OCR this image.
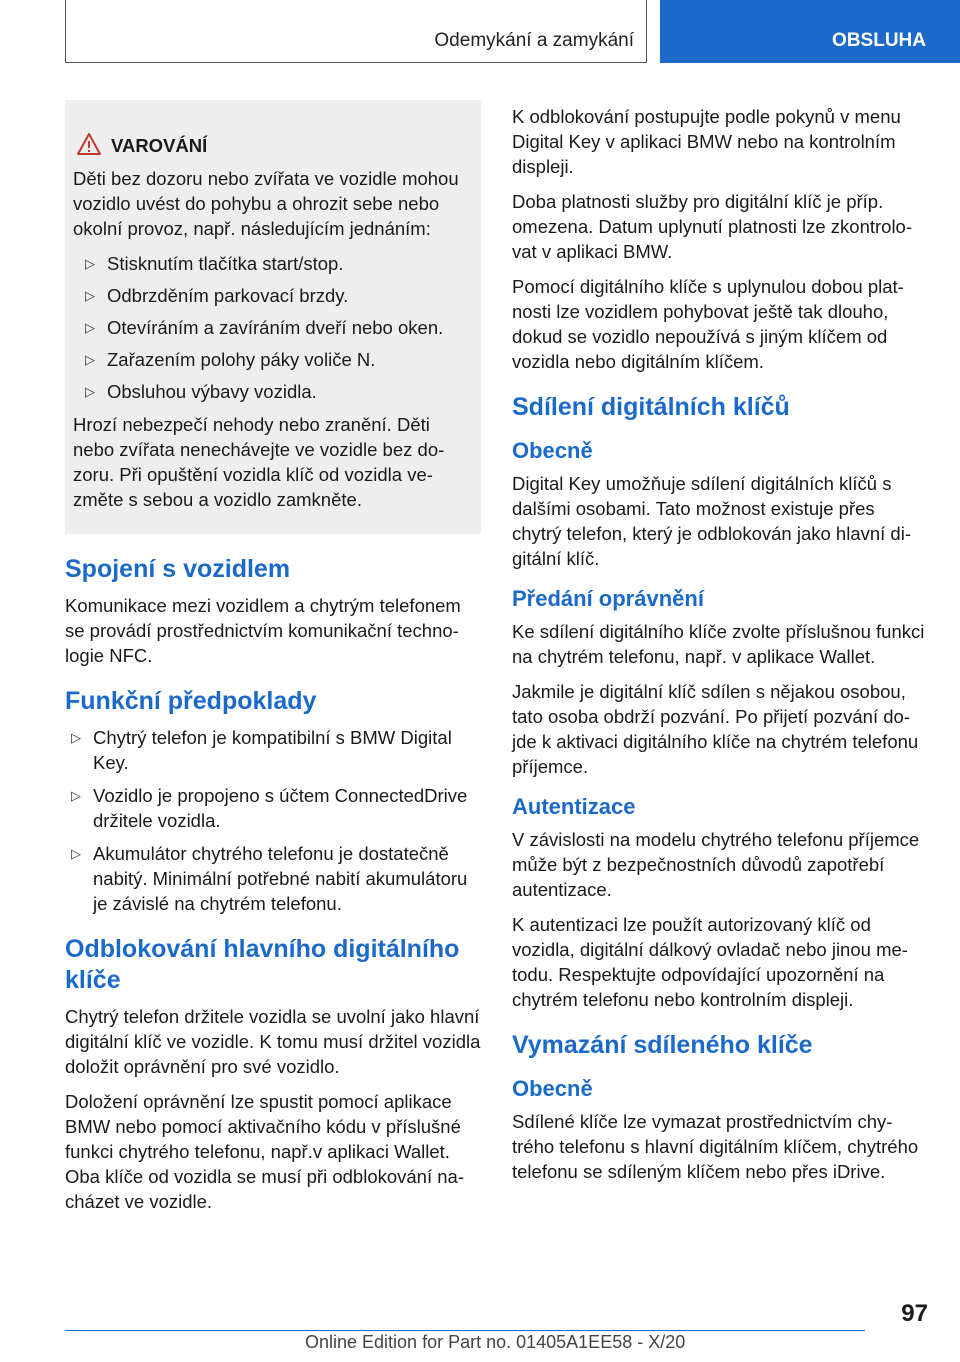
Odemykání a zamykání	OBSLUHA
VAROVÁNÍ

Děti bez dozoru nebo zvířata ve vozidle mohou vozidlo uvést do pohybu a ohrozit sebe nebo okolní provoz, např. následujícím jednáním:

▷ Stisknutím tlačítka start/stop.
▷ Odbrzděním parkovací brzdy.
▷ Otevíráním a zavíráním dveří nebo oken.
▷ Zařazením polohy páky voliče N.
▷ Obsluhou výbavy vozidla.

Hrozí nebezpečí nehody nebo zranění. Děti nebo zvířata nenechávejte ve vozidle bez dozoru. Při opuštění vozidla klíč od vozidla vezměte s sebou a vozidlo zamkněte.

Spojení s vozidlem

Komunikace mezi vozidlem a chytrým telefonem se provádí prostřednictvím komunikační technologie NFC.

Funkční předpoklady
▷ Chytrý telefon je kompatibilní s BMW Digital Key.
▷ Vozidlo je propojeno s účtem ConnectedDrive držitele vozidla.
▷ Akumulátor chytrého telefonu je dostatečně nabitý. Minimální potřebné nabití akumulátoru je závislé na chytrém telefonu.
Odblokování hlavního digitálního klíče

Chytrý telefon držitele vozidla se uvolní jako hlavní digitální klíč ve vozidle. K tomu musí držitel vozidla doložit oprávnění pro své vozidlo.

Doložení oprávnění lze spustit pomocí aplikace BMW nebo pomocí aktivačního kódu v příslušné funkci chytrého telefonu, např.v aplikaci Wallet. Oba klíče od vozidla se musí při odblokování nacházet ve vozidle.

K odblokování postupujte podle pokynů v menu Digital Key v aplikaci BMW nebo na kontrolním displeji.

Doba platnosti služby pro digitální klíč je příp. omezena. Datum uplynutí platnosti lze zkontrolovat v aplikaci BMW.

Pomocí digitálního klíče s uplynulou dobou platnosti lze vozidlem pohybovat ještě tak dlouho, dokud se vozidlo nepoužívá s jiným klíčem od vozidla nebo digitálním klíčem.

Sdílení digitálních klíčů
Obecně

Digital Key umožňuje sdílení digitálních klíčů s dalšími osobami. Tato možnost existuje přes chytrý telefon, který je odblokován jako hlavní digitální klíč.

Předání oprávnění

Ke sdílení digitálního klíče zvolte příslušnou funkci na chytrém telefonu, např. v aplikace Wallet.

Jakmile je digitální klíč sdílen s nějakou osobou, tato osoba obdrží pozvání. Po přijetí pozvání dojde k aktivaci digitálního klíče na chytrém telefonu příjemce.

Autentizace

V závislosti na modelu chytrého telefonu příjemce může být z bezpečnostních důvodů zapotřebí autentizace.

K autentizaci lze použít autorizovaný klíč od vozidla, digitální dálkový ovladač nebo jinou metodu. Respektujte odpovídající upozornění na chytrém telefonu nebo kontrolním displeji.

Vymazání sdíleného klíče
Obecně

Sdílené klíče lze vymazat prostřednictvím chytrého telefonu s hlavní digitálním klíčem, chytrého telefonu se sdíleným klíčem nebo přes iDrive.

97
Online Edition for Part no. 01405A1EE58 - X/20
